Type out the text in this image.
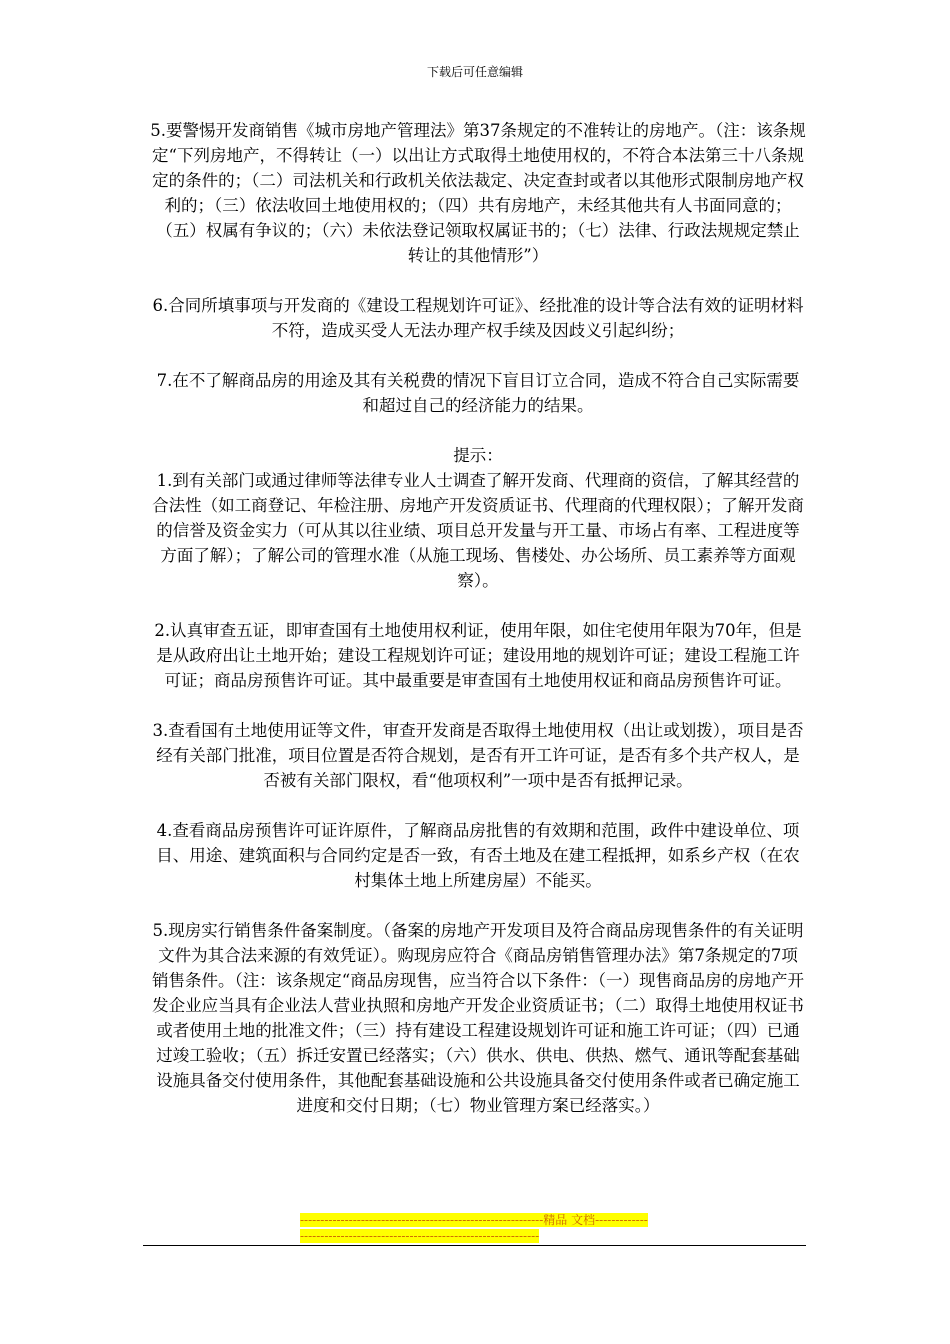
下载后可任意编辑

5.要警惕开发商销售《城市房地产管理法》第37条规定的不准转让的房地产。（注：该条规定“下列房地产，不得转让（一）以出让方式取得土地使用权的，不符合本法第三十八条规定的条件的；（二）司法机关和行政机关依法裁定、决定查封或者以其他形式限制房地产权利的；（三）依法收回土地使用权的；（四）共有房地产，未经其他共有人书面同意的；（五）权属有争议的；（六）未依法登记领取权属证书的；（七）法律、行政法规规定禁止转让的其他情形”）

6.合同所填事项与开发商的《建设工程规划许可证》、经批准的设计等合法有效的证明材料不符，造成买受人无法办理产权手续及因歧义引起纠纷；

7.在不了解商品房的用途及其有关税费的情况下盲目订立合同，造成不符合自己实际需要和超过自己的经济能力的结果。

提示：

1.到有关部门或通过律师等法律专业人士调查了解开发商、代理商的资信，了解其经营的合法性（如工商登记、年检注册、房地产开发资质证书、代理商的代理权限）；了解开发商的信誉及资金实力（可从其以往业绩、项目总开发量与开工量、市场占有率、工程进度等方面了解）；了解公司的管理水准（从施工现场、售楼处、办公场所、员工素养等方面观察）。

2.认真审查五证，即审查国有土地使用权利证，使用年限，如住宅使用年限为70年，但是是从政府出让土地开始；建设工程规划许可证；建设用地的规划许可证；建设工程施工许可证；商品房预售许可证。其中最重要是审查国有土地使用权证和商品房预售许可证。

3.查看国有土地使用证等文件，审查开发商是否取得土地使用权（出让或划拨），项目是否经有关部门批准，项目位置是否符合规划，是否有开工许可证，是否有多个共产权人，是否被有关部门限权，看“他项权利”一项中是否有抵押记录。

4.查看商品房预售许可证许原件，了解商品房批售的有效期和范围，政件中建设单位、项目、用途、建筑面积与合同约定是否一致，有否土地及在建工程抵押，如系乡产权（在农村集体土地上所建房屋）不能买。

5.现房实行销售条件备案制度。（备案的房地产开发项目及符合商品房现售条件的有关证明文件为其合法来源的有效凭证）。购现房应符合《商品房销售管理办法》第7条规定的7项销售条件。（注：该条规定“商品房现售，应当符合以下条件：（一）现售商品房的房地产开发企业应当具有企业法人营业执照和房地产开发企业资质证书；（二）取得土地使用权证书或者使用土地的批准文件；（三）持有建设工程建设规划许可证和施工许可证；（四）已通过竣工验收；（五）拆迁安置已经落实；（六）供水、供电、供热、燃气、通讯等配套基础设施具备交付使用条件，其他配套基础设施和公共设施具备交付使用条件或者已确定施工进度和交付日期；（七）物业管理方案已经落实。）

------------------------------------------------------------精品 文档------------------------------------------------------------------------
